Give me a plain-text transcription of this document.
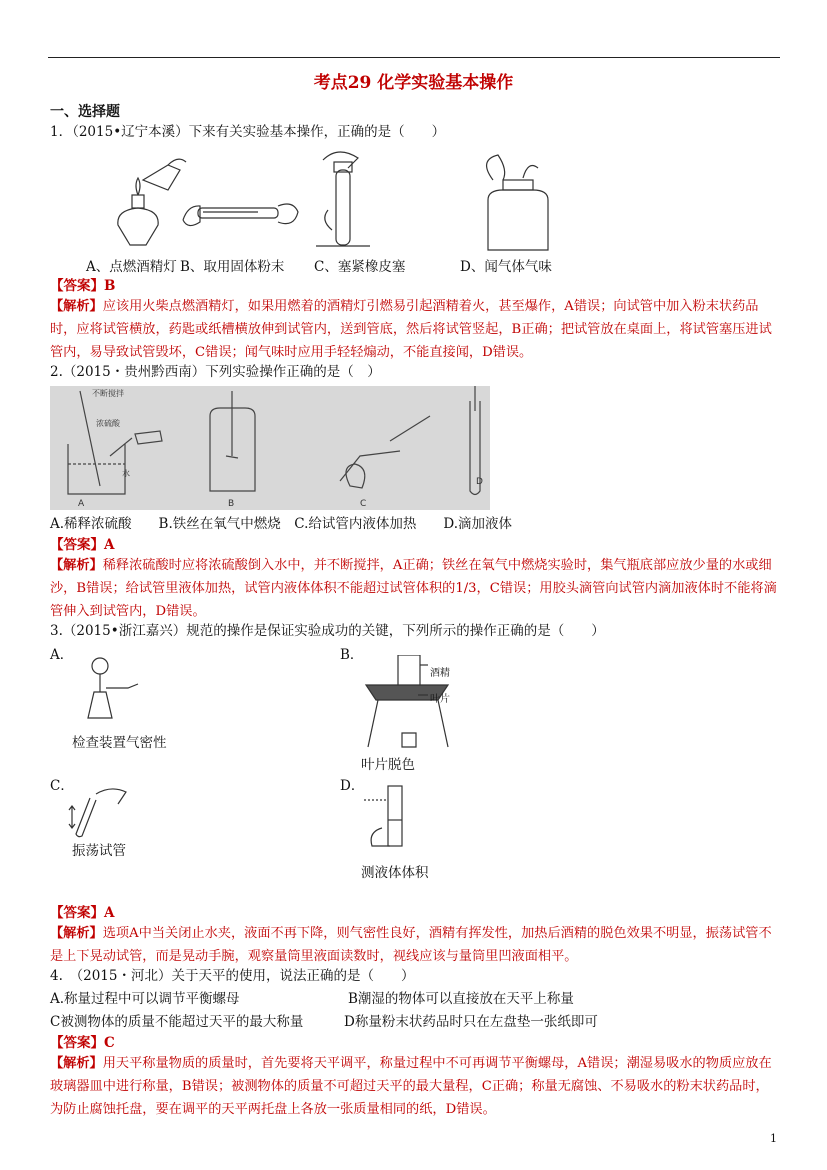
考点29 化学实验基本操作
一、选择题
1．（2015•辽宁本溪）下来有关实验基本操作，正确的是（　　）
A、点燃酒精灯 B、取用固体粉末 C、塞紧橡皮塞	D、闻气体气味
【答案】B
【解析】应该用火柴点燃酒精灯，如果用燃着的酒精灯引燃易引起酒精着火，甚至爆作，A错误；向试管中加入粉末状药品时，应将试管横放，药匙或纸槽横放伸到试管内，送到管底，然后将试管竖起，B正确；把试管放在桌面上，将试管塞压进试管内，易导致试管毁坏，C错误；闻气味时应用手轻轻煽动，不能直接闻，D错误。
2.（2015・贵州黔西南）下列实验操作正确的是（　）
不断搅拌
浓硫酸
水
A	B	C
D
A.稀释浓硫酸　　B.铁丝在氧气中燃烧　C.给试管内液体加热　　D.滴加液体
【答案】A
【解析】稀释浓硫酸时应将浓硫酸倒入水中，并不断搅拌，A正确；铁丝在氧气中燃烧实验时，集气瓶底部应放少量的水或细沙，B错误；给试管里液体加热，试管内液体体积不能超过试管体积的1/3，C错误；用胶头滴管向试管内滴加液体时不能将滴管伸入到试管内，D错误。
3.（2015•浙江嘉兴）规范的操作是保证实验成功的关键，下列所示的操作正确的是（　　）
A．
检查装置气密性
B．
酒精
叶片
叶片脱色
C．
振荡试管
D．
测液体体积
【答案】A
【解析】选项A中当关闭止水夹，液面不再下降，则气密性良好，酒精有挥发性，加热后酒精的脱色效果不明显，振荡试管不是上下晃动试管，而是晃动手腕，观察量筒里液面读数时，视线应该与量筒里凹液面相平。
4.　（2015・河北）关于天平的使用，说法正确的是（　　）
A.称量过程中可以调节平衡螺母	B潮湿的物体可以直接放在天平上称量
C被测物体的质量不能超过天平的最大称量	D称量粉末状药品时只在左盘垫一张纸即可
【答案】C
【解析】用天平称量物质的质量时，首先要将天平调平，称量过程中不可再调节平衡螺母，A错误；潮湿易吸水的物质应放在玻璃器皿中进行称量，B错误；被测物体的质量不可超过天平的最大量程，C正确；称量无腐蚀、不易吸水的粉末状药品时，为防止腐蚀托盘，要在调平的天平两托盘上各放一张质量相同的纸，D错误。
1
